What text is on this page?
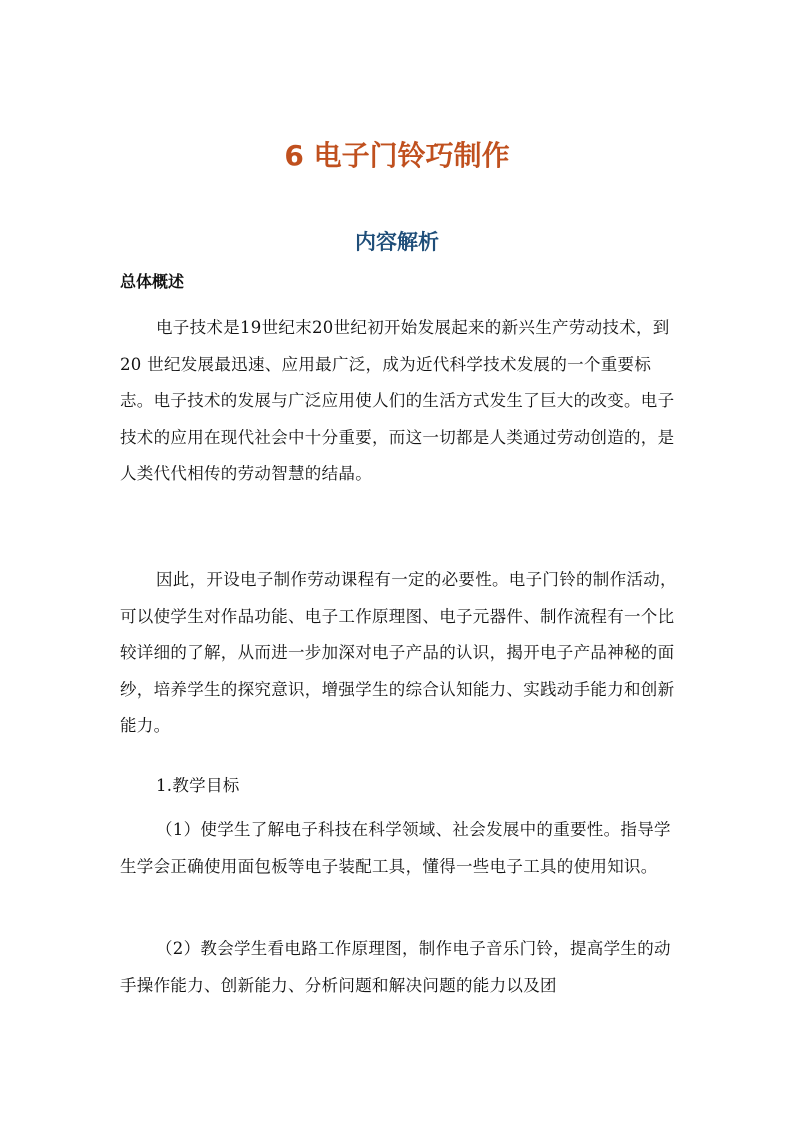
6 电子门铃巧制作
内容解析
总体概述

电子技术是19世纪末20世纪初开始发展起来的新兴生产劳动技术，到20 世纪发展最迅速、应用最广泛，成为近代科学技术发展的一个重要标志。电子技术的发展与广泛应用使人们的生活方式发生了巨大的改变。电子技术的应用在现代社会中十分重要，而这一切都是人类通过劳动创造的，是人类代代相传的劳动智慧的结晶。

因此，开设电子制作劳动课程有一定的必要性。电子门铃的制作活动，可以使学生对作品功能、电子工作原理图、电子元器件、制作流程有一个比较详细的了解，从而进一步加深对电子产品的认识，揭开电子产品神秘的面纱，培养学生的探究意识，增强学生的综合认知能力、实践动手能力和创新能力。

1.教学目标

（1）使学生了解电子科技在科学领域、社会发展中的重要性。指导学生学会正确使用面包板等电子装配工具，懂得一些电子工具的使用知识。

（2）教会学生看电路工作原理图，制作电子音乐门铃，提高学生的动手操作能力、创新能力、分析问题和解决问题的能力以及团
